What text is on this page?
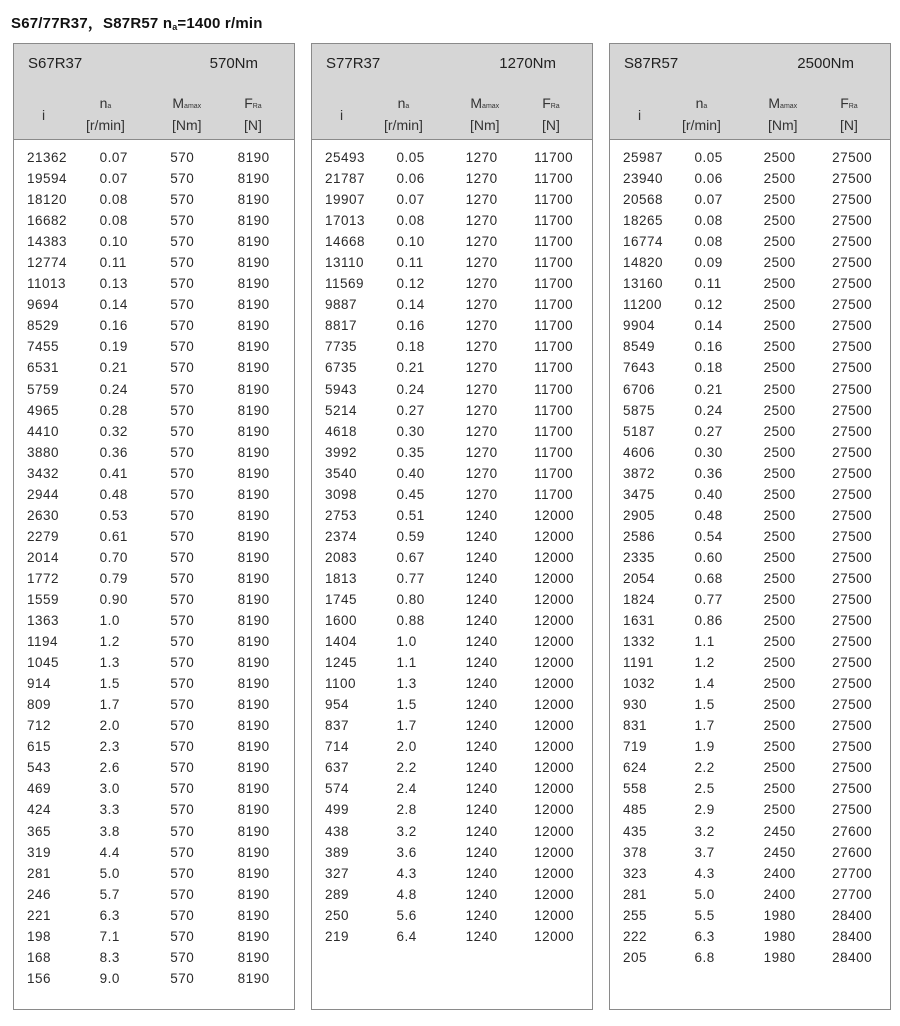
S67/77R37，S87R57 $n_a=1400$ r/min
S67R37	570Nm
i
na
[r/min]
Mamax
[Nm]
FRa
[N]
21362	0.07	570	8190
19594	0.07	570	8190
18120	0.08	570	8190
16682	0.08	570	8190
14383	0.10	570	8190
12774	0.11	570	8190
11013	0.13	570	8190
9694	0.14	570	8190
8529	0.16	570	8190
7455	0.19	570	8190
6531	0.21	570	8190
5759	0.24	570	8190
4965	0.28	570	8190
4410	0.32	570	8190
3880	0.36	570	8190
3432	0.41	570	8190
2944	0.48	570	8190
2630	0.53	570	8190
2279	0.61	570	8190
2014	0.70	570	8190
1772	0.79	570	8190
1559	0.90	570	8190
1363	1.0	570	8190
1194	1.2	570	8190
1045	1.3	570	8190
914	1.5	570	8190
809	1.7	570	8190
712	2.0	570	8190
615	2.3	570	8190
543	2.6	570	8190
469	3.0	570	8190
424	3.3	570	8190
365	3.8	570	8190
319	4.4	570	8190
281	5.0	570	8190
246	5.7	570	8190
221	6.3	570	8190
198	7.1	570	8190
168	8.3	570	8190
156	9.0	570	8190
S77R37	1270Nm
i
na
[r/min]
Mamax
[Nm]
FRa
[N]
25493	0.05	1270	11700
21787	0.06	1270	11700
19907	0.07	1270	11700
17013	0.08	1270	11700
14668	0.10	1270	11700
13110	0.11	1270	11700
11569	0.12	1270	11700
9887	0.14	1270	11700
8817	0.16	1270	11700
7735	0.18	1270	11700
6735	0.21	1270	11700
5943	0.24	1270	11700
5214	0.27	1270	11700
4618	0.30	1270	11700
3992	0.35	1270	11700
3540	0.40	1270	11700
3098	0.45	1270	11700
2753	0.51	1240	12000
2374	0.59	1240	12000
2083	0.67	1240	12000
1813	0.77	1240	12000
1745	0.80	1240	12000
1600	0.88	1240	12000
1404	1.0	1240	12000
1245	1.1	1240	12000
1100	1.3	1240	12000
954	1.5	1240	12000
837	1.7	1240	12000
714	2.0	1240	12000
637	2.2	1240	12000
574	2.4	1240	12000
499	2.8	1240	12000
438	3.2	1240	12000
389	3.6	1240	12000
327	4.3	1240	12000
289	4.8	1240	12000
250	5.6	1240	12000
219	6.4	1240	12000
S87R57	2500Nm
i
na
[r/min]
Mamax
[Nm]
FRa
[N]
25987	0.05	2500	27500
23940	0.06	2500	27500
20568	0.07	2500	27500
18265	0.08	2500	27500
16774	0.08	2500	27500
14820	0.09	2500	27500
13160	0.11	2500	27500
11200	0.12	2500	27500
9904	0.14	2500	27500
8549	0.16	2500	27500
7643	0.18	2500	27500
6706	0.21	2500	27500
5875	0.24	2500	27500
5187	0.27	2500	27500
4606	0.30	2500	27500
3872	0.36	2500	27500
3475	0.40	2500	27500
2905	0.48	2500	27500
2586	0.54	2500	27500
2335	0.60	2500	27500
2054	0.68	2500	27500
1824	0.77	2500	27500
1631	0.86	2500	27500
1332	1.1	2500	27500
1191	1.2	2500	27500
1032	1.4	2500	27500
930	1.5	2500	27500
831	1.7	2500	27500
719	1.9	2500	27500
624	2.2	2500	27500
558	2.5	2500	27500
485	2.9	2500	27500
435	3.2	2450	27600
378	3.7	2450	27600
323	4.3	2400	27700
281	5.0	2400	27700
255	5.5	1980	28400
222	6.3	1980	28400
205	6.8	1980	28400
